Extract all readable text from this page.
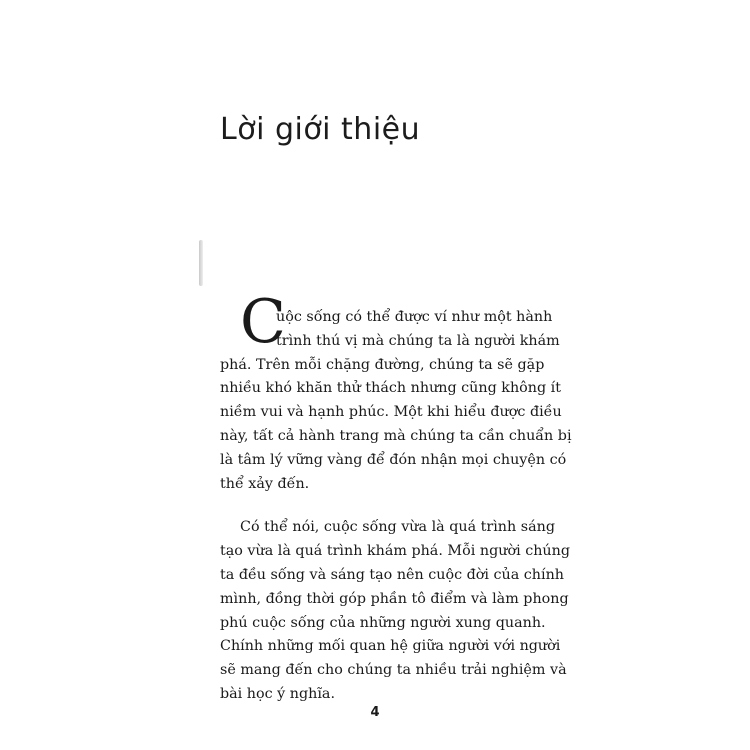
Lời giới thiệu

C
uộc sống có thể được ví như một hành
trình thú vị mà chúng ta là người khám
phá. Trên mỗi chặng đường, chúng ta sẽ gặp
nhiều khó khăn thử thách nhưng cũng không ít
niềm vui và hạnh phúc. Một khi hiểu được điều
này, tất cả hành trang mà chúng ta cần chuẩn bị
là tâm lý vững vàng để đón nhận mọi chuyện có
thể xảy đến.

Có thể nói, cuộc sống vừa là quá trình sáng
tạo vừa là quá trình khám phá. Mỗi người chúng
ta đều sống và sáng tạo nên cuộc đời của chính
mình, đồng thời góp phần tô điểm và làm phong
phú cuộc sống của những người xung quanh.
Chính những mối quan hệ giữa người với người
sẽ mang đến cho chúng ta nhiều trải nghiệm và
bài học ý nghĩa.

4
